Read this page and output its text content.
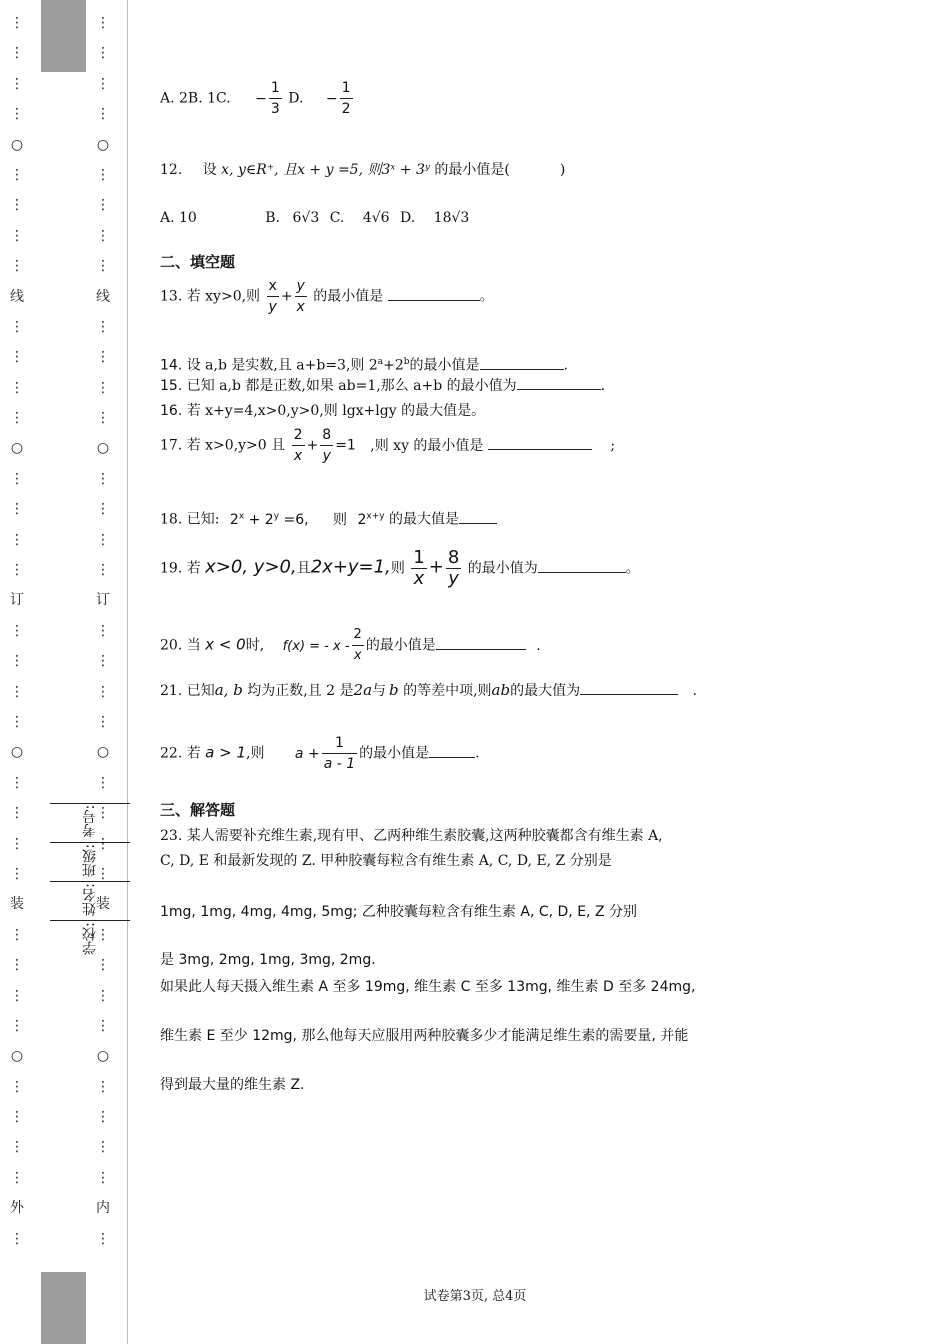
⋮
⋮
⋮
⋮
○
⋮
⋮
⋮
⋮
线
⋮
⋮
⋮
⋮
○
⋮
⋮
⋮
⋮
订
⋮
⋮
⋮
⋮
○
⋮
⋮
⋮
⋮
装
⋮
⋮
⋮
⋮
○
⋮
⋮
⋮
⋮
外
⋮
⋮
⋮
⋮
⋮
○
⋮
⋮
⋮
⋮
线
⋮
⋮
⋮
⋮
○
⋮
⋮
⋮
⋮
订
⋮
⋮
⋮
⋮
○
⋮
⋮
⋮
⋮
装
⋮
⋮
⋮
⋮
○
⋮
⋮
⋮
⋮
内
⋮
学校: 姓名: 班级: 考号:
A. 2B. 1C. − $\frac{1}{3} D$. − $\frac{1}{2}$
12. 设 x, y∈R⁺, 且x + y =5, 则3ˣ + 3ʸ 的最小值是(	)
A. 10	B. 6√3 C. 4√6 D. 18√3
二、填空题
13. 若 xy>0,则 $\frac{x}{y} + \frac{y}{x}$ 的最小值是	。
14. 设 a,b 是实数,且 a+b=3,则 $2^a+2^b$的最小值是	.
15. 已知 a,b 都是正数,如果 ab=1,那么 a+b 的最小值为	.
16. 若 x+y=4,x>0,y>0,则 lgx+lgy 的最大值是。
17. 若 x>0,y>0 且 $\frac{2}{x} + \frac{8}{y} =1$ ,则 xy 的最小值是	;
18. 已知: $2^x + 2^y =6$, 则 $2^{x+y}$ 的最大值是
19. 若 x>0, y>0,且2x+y=1,则 $\frac{1}{x} + \frac{8}{y}$ 的最小值为	。
20. 当 x < 0时, f(x) = - x - $\frac{2}{x}$ 的最小值是	.
21. 已知a, b 均为正数,且 2 是2a与 b 的等差中项,则ab的最大值为	.
22. 若 a > 1,则 $a + \frac{1}{a - 1}$ 的最小值是	.
三、解答题
23. 某人需要补充维生素,现有甲、乙两种维生素胶囊,这两种胶囊都含有维生素 A,
C, D, E 和最新发现的 Z. 甲种胶囊每粒含有维生素 A, C, D, E, Z 分别是
1mg, 1mg, 4mg, 4mg, 5mg; 乙种胶囊每粒含有维生素 A, C, D, E, Z 分别
是 3mg, 2mg, 1mg, 3mg, 2mg.
如果此人每天摄入维生素 A 至多 19mg, 维生素 C 至多 13mg, 维生素 D 至多 24mg,
维生素 E 至少 12mg, 那么他每天应服用两种胶囊多少才能满足维生素的需要量, 并能
得到最大量的维生素 Z.
试卷第3页, 总4页
